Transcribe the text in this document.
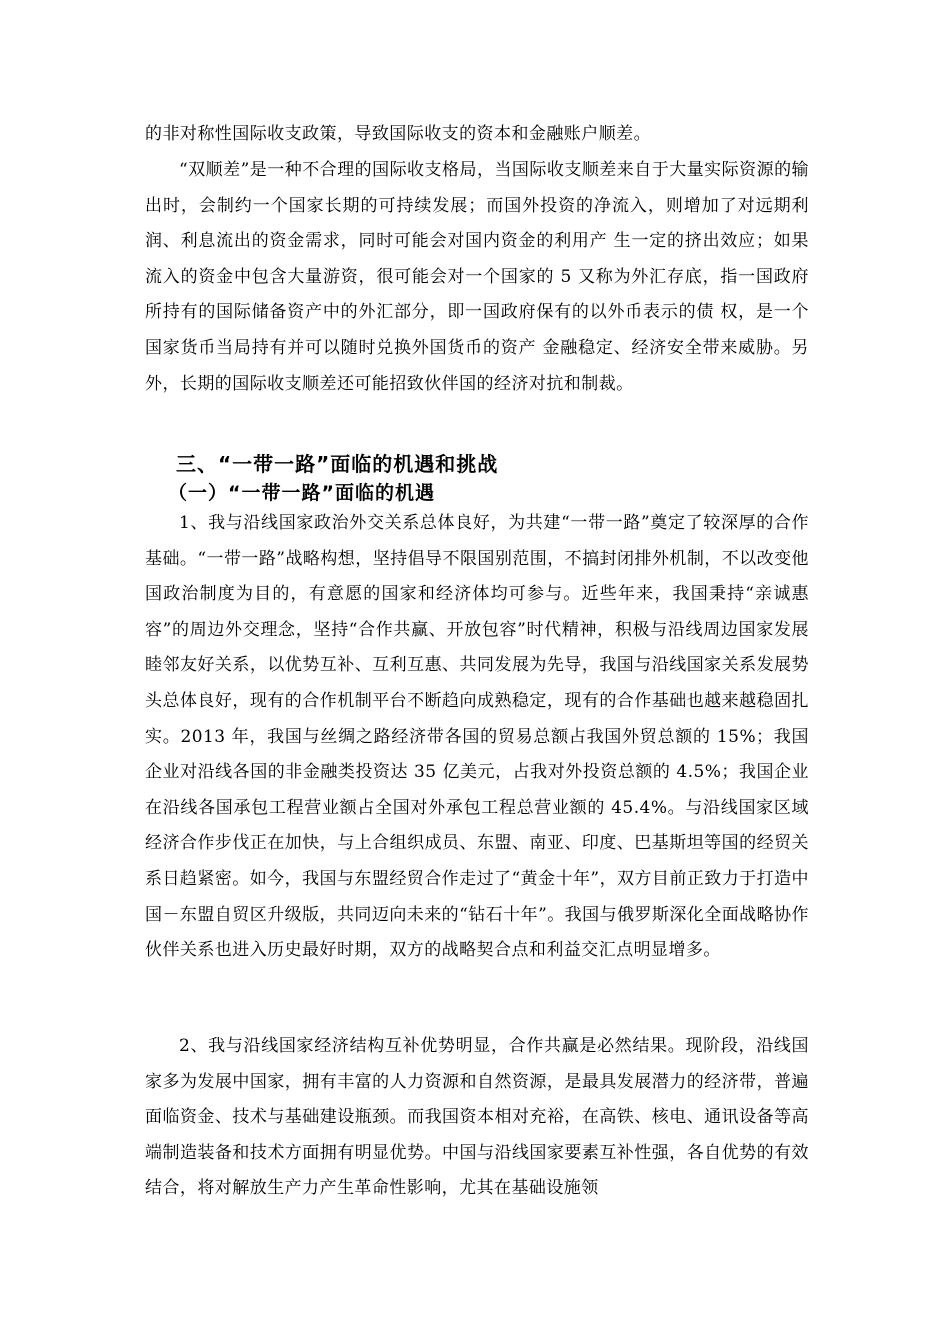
的非对称性国际收支政策，导致国际收支的资本和金融账户顺差。

“双顺差”是一种不合理的国际收支格局，当国际收支顺差来自于大量实际资源的输出时，会制约一个国家长期的可持续发展；而国外投资的净流入，则增加了对远期利润、利息流出的资金需求，同时可能会对国内资金的利用产 生一定的挤出效应；如果流入的资金中包含大量游资，很可能会对一个国家的 5 又称为外汇存底，指一国政府所持有的国际储备资产中的外汇部分，即一国政府保有的以外币表示的债 权，是一个国家货币当局持有并可以随时兑换外国货币的资产 金融稳定、经济安全带来威胁。另外，长期的国际收支顺差还可能招致伙伴国的经济对抗和制裁。

三、“一带一路”面临的机遇和挑战
（一）“一带一路”面临的机遇

1、我与沿线国家政治外交关系总体良好，为共建“一带一路”奠定了较深厚的合作基础。“一带一路”战略构想，坚持倡导不限国别范围，不搞封闭排外机制，不以改变他国政治制度为目的，有意愿的国家和经济体均可参与。近些年来，我国秉持“亲诚惠容”的周边外交理念，坚持“合作共赢、开放包容”时代精神，积极与沿线周边国家发展睦邻友好关系，以优势互补、互利互惠、共同发展为先导，我国与沿线国家关系发展势头总体良好，现有的合作机制平台不断趋向成熟稳定，现有的合作基础也越来越稳固扎实。2013 年，我国与丝绸之路经济带各国的贸易总额占我国外贸总额的 15%；我国企业对沿线各国的非金融类投资达 35 亿美元，占我对外投资总额的 4.5%；我国企业在沿线各国承包工程营业额占全国对外承包工程总营业额的 45.4%。与沿线国家区域经济合作步伐正在加快，与上合组织成员、东盟、南亚、印度、巴基斯坦等国的经贸关系日趋紧密。如今，我国与东盟经贸合作走过了“黄金十年”，双方目前正致力于打造中国－东盟自贸区升级版，共同迈向未来的“钻石十年”。我国与俄罗斯深化全面战略协作伙伴关系也进入历史最好时期，双方的战略契合点和利益交汇点明显增多。

2、我与沿线国家经济结构互补优势明显，合作共赢是必然结果。现阶段，沿线国家多为发展中国家，拥有丰富的人力资源和自然资源，是最具发展潜力的经济带，普遍面临资金、技术与基础建设瓶颈。而我国资本相对充裕，在高铁、核电、通讯设备等高端制造装备和技术方面拥有明显优势。中国与沿线国家要素互补性强，各自优势的有效结合，将对解放生产力产生革命性影响，尤其在基础设施领
